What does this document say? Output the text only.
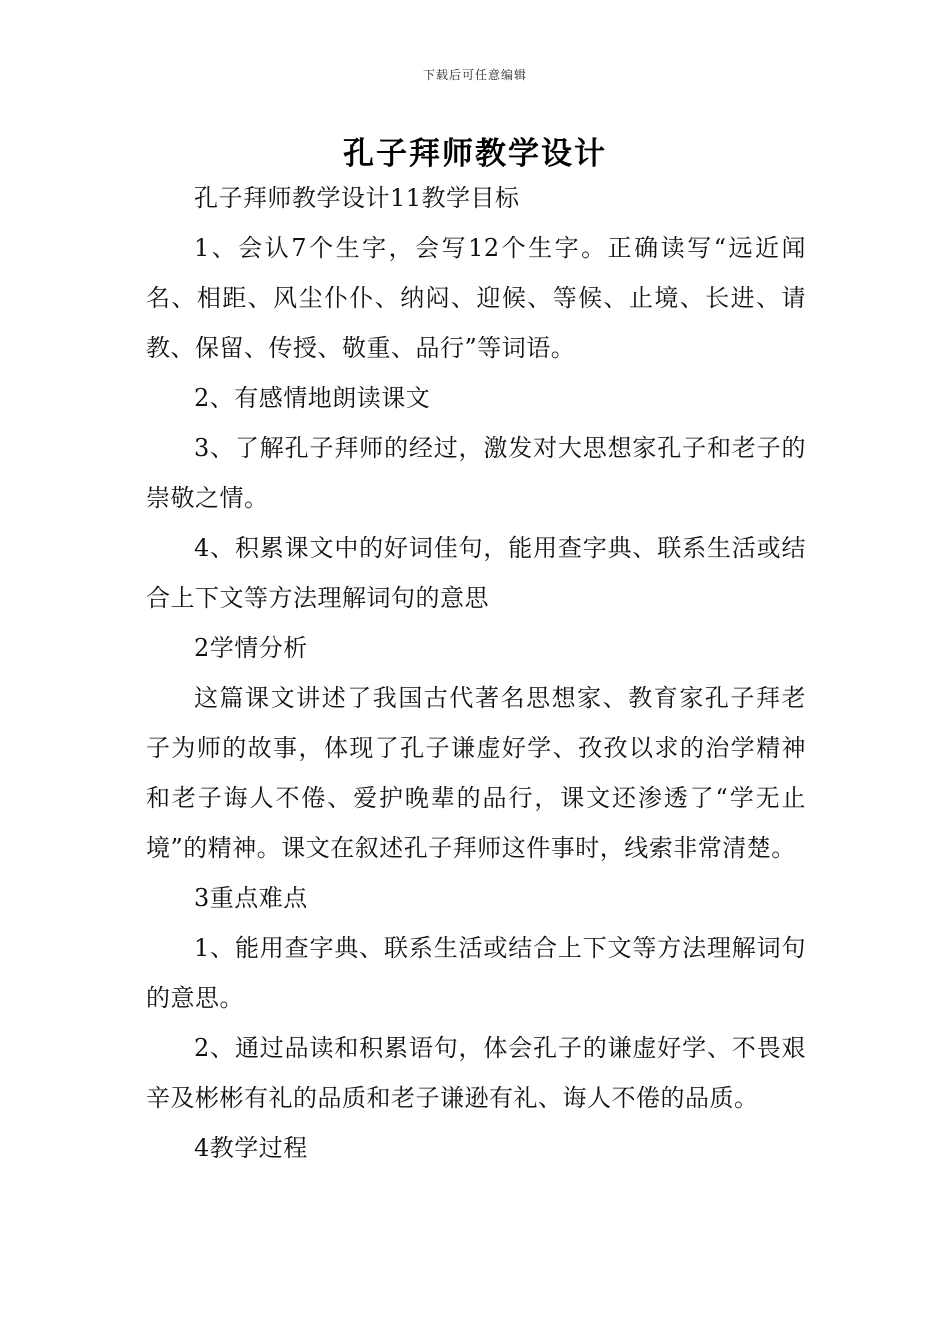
下载后可任意编辑
孔子拜师教学设计

孔子拜师教学设计11教学目标

1、会认7个生字，会写12个生字。正确读写“远近闻名、相距、风尘仆仆、纳闷、迎候、等候、止境、长进、请教、保留、传授、敬重、品行”等词语。

2、有感情地朗读课文

3、了解孔子拜师的经过，激发对大思想家孔子和老子的崇敬之情。

4、积累课文中的好词佳句，能用查字典、联系生活或结合上下文等方法理解词句的意思

2学情分析

这篇课文讲述了我国古代著名思想家、教育家孔子拜老子为师的故事，体现了孔子谦虚好学、孜孜以求的治学精神和老子诲人不倦、爱护晚辈的品行，课文还渗透了“学无止境”的精神。课文在叙述孔子拜师这件事时，线索非常清楚。

3重点难点

1、能用查字典、联系生活或结合上下文等方法理解词句的意思。

2、通过品读和积累语句，体会孔子的谦虚好学、不畏艰辛及彬彬有礼的品质和老子谦逊有礼、诲人不倦的品质。

4教学过程
